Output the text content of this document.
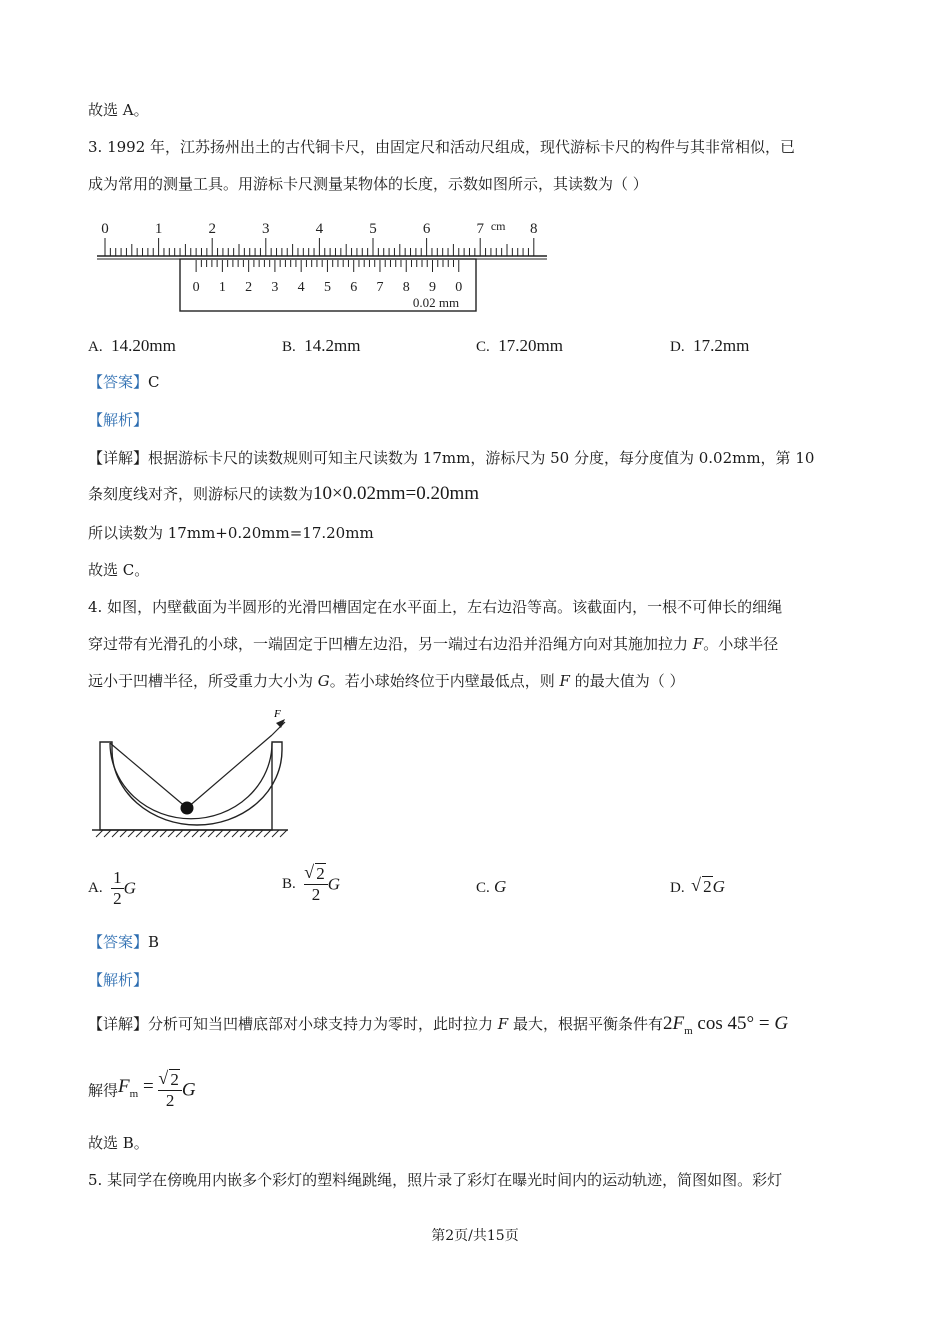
故选 A。
3. 1992 年，江苏扬州出土的古代铜卡尺，由固定尺和活动尺组成，现代游标卡尺的构件与其非常相似，已
成为常用的测量工具。用游标卡尺测量某物体的长度，示数如图所示，其读数为（ ）
0	1	2	3	4	5	6	7	8
cm
0 1 2 3 4 5 6 7 8 9 0
0.02 mm
A. 14.20mm	B. 14.2mm	C. 17.20mm	D. 17.2mm
【答案】C
【解析】
【详解】根据游标卡尺的读数规则可知主尺读数为 17mm，游标尺为 50 分度，每分度值为 0.02mm，第 10
条刻度线对齐，则游标尺的读数为10×0.02mm=0.20mm
所以读数为 17mm+0.20mm=17.20mm
故选 C。
4. 如图，内壁截面为半圆形的光滑凹槽固定在水平面上，左右边沿等高。该截面内，一根不可伸长的细绳
穿过带有光滑孔的小球，一端固定于凹槽左边沿，另一端过右边沿并沿绳方向对其施加拉力 F。小球半径
远小于凹槽半径，所受重力大小为 G。若小球始终位于内壁最低点，则 F 的最大值为（ ）
F
A. $\frac{1}{2}$ G	B. √ $\frac{2}{2}$ G	C. G	D. √ 2G
【答案】B
【解析】
【详解】分析可知当凹槽底部对小球支持力为零时，此时拉力 F 最大，根据平衡条件有$2F_m$ cos 45° = G
解得$F_m$ = √ $\frac{2}{2}$ G
故选 B。
5. 某同学在傍晚用内嵌多个彩灯的塑料绳跳绳，照片录了彩灯在曝光时间内的运动轨迹，简图如图。彩灯
第2页/共15页
